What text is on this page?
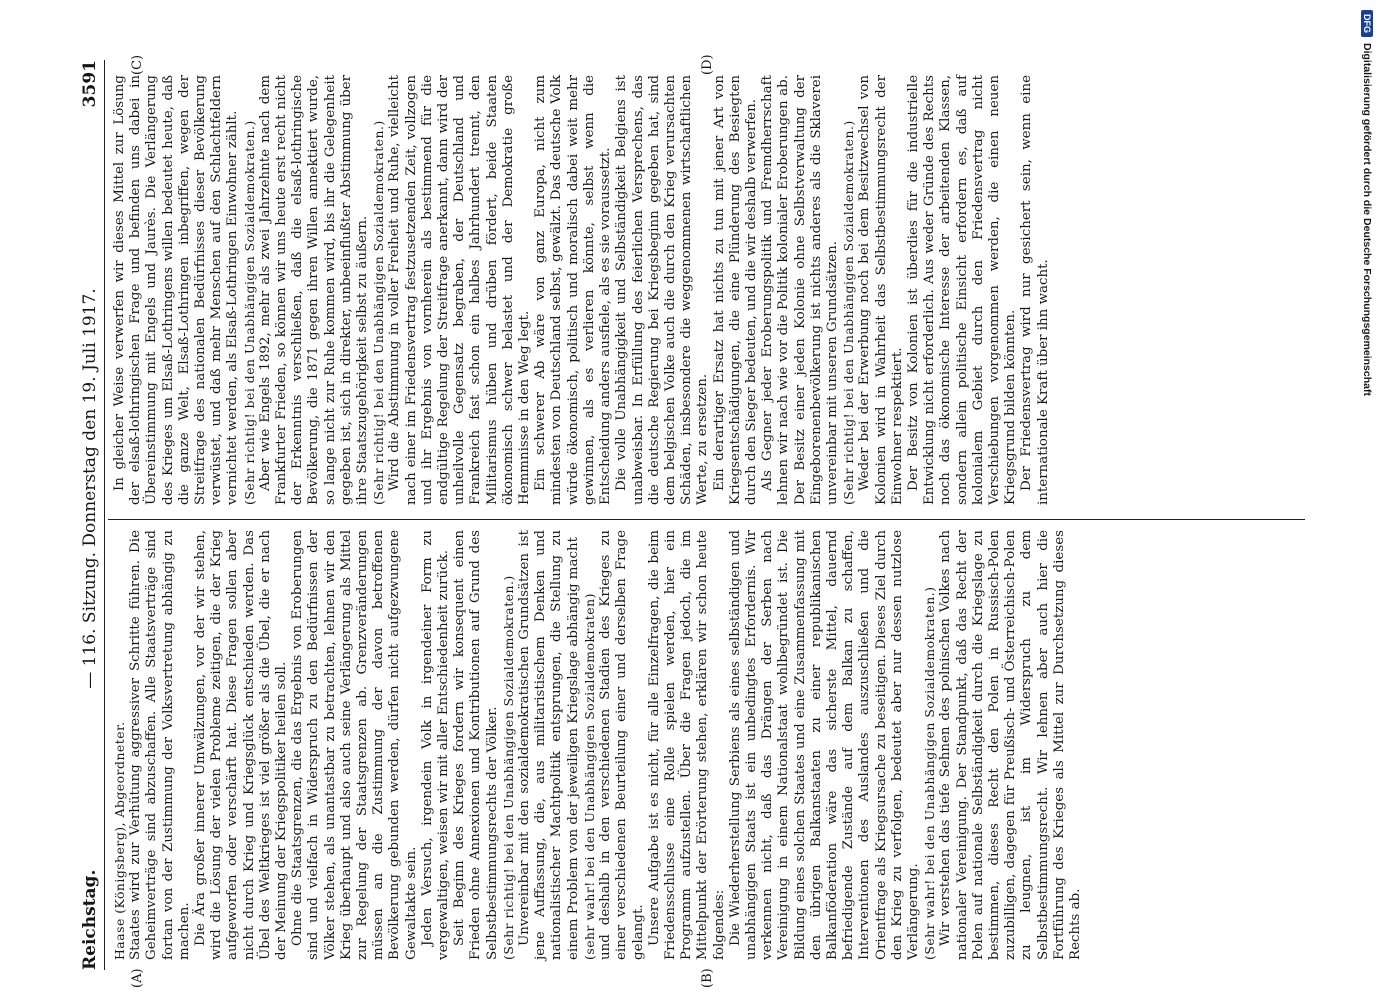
Reichstag.
— 116. Sitzung. Donnerstag den 19. Juli 1917.
3591
(A)	(B)
(C)	(D)

Haase (Königsberg), Abgeordneter. Staates wird zur Verhütung aggressiver Schritte führen. Die Geheimverträge sind abzuschaffen. Alle Staatsverträge sind fortan von der Zustimmung der Volksvertretung abhängig zu machen. Die Ära großer innerer Umwälzungen, vor der wir stehen, wird die Lösung der vielen Probleme zeitigen, die der Krieg aufgeworfen oder verschärft hat. Diese Fragen sollen aber nicht durch Krieg und Kriegsglück entschieden werden. Das Übel des Weltkrieges ist viel größer als die Übel, die er nach der Meinung der Kriegspolitiker heilen soll. Ohne die Staatsgrenzen, die das Ergebnis von Eroberungen sind und vielfach in Widerspruch zu den Bedürfnissen der Völker stehen, als unantastbar zu betrachten, lehnen wir den Krieg überhaupt und also auch seine Verlängerung als Mittel zur Regelung der Staatsgrenzen ab. Grenzveränderungen müssen an die Zustimmung der davon betroffenen Bevölkerung gebunden werden, dürfen nicht aufgezwungene Gewaltakte sein. Jeden Versuch, irgendein Volk in irgendeiner Form zu vergewaltigen, weisen wir mit aller Entschiedenheit zurück. Seit Beginn des Krieges fordern wir konsequent einen Frieden ohne Annexionen und Kontributionen auf Grund des Selbstbestimmungsrechts der Völker. (Sehr richtig! bei den Unabhängigen Sozialdemokraten.) Unvereinbar mit den sozialdemokratischen Grundsätzen ist jene Auffassung, die, aus militaristischem Denken und nationalistischer Machtpolitik entsprungen, die Stellung zu einem Problem von der jeweiligen Kriegslage abhängig macht (sehr wahr! bei den Unabhängigen Sozialdemokraten) und deshalb in den verschiedenen Stadien des Krieges zu einer verschiedenen Beurteilung einer und derselben Frage gelangt. Unsere Aufgabe ist es nicht, für alle Einzelfragen, die beim Friedensschlusse eine Rolle spielen werden, hier ein Programm aufzustellen. Über die Fragen jedoch, die im Mittelpunkt der Erörterung stehen, erklären wir schon heute folgendes: Die Wiederherstellung Serbiens als eines selbständigen und unabhängigen Staats ist ein unbedingtes Erfordernis. Wir verkennen nicht, daß das Drängen der Serben nach Vereinigung in einem Nationalstaat wohlbegründet ist. Die Bildung eines solchen Staates und eine Zusammenfassung mit den übrigen Balkanstaaten zu einer republikanischen Balkanföderation wäre das sicherste Mittel, dauernd befriedigende Zustände auf dem Balkan zu schaffen, Interventionen des Auslandes auszuschließen und die Orientfrage als Kriegsursache zu beseitigen. Dieses Ziel durch den Krieg zu verfolgen, bedeutet aber nur dessen nutzlose Verlängerung. (Sehr wahr! bei den Unabhängigen Sozialdemokraten.) Wir verstehen das tiefe Sehnen des polnischen Volkes nach nationaler Vereinigung. Der Standpunkt, daß das Recht der Polen auf nationale Selbständigkeit durch die Kriegslage zu bestimmen, dieses Recht den Polen in Russisch-Polen zuzubilligen, dagegen für Preußisch- und Österreichisch-Polen zu leugnen, ist im Widerspruch zu dem Selbstbestimmungsrecht. Wir lehnen aber auch hier die Fortführung des Krieges als Mittel zur Durchsetzung dieses Rechts ab.

In gleicher Weise verwerfen wir dieses Mittel zur Lösung der elsaß-lothringischen Frage und befinden uns dabei in Übereinstimmung mit Engels und Jaurès. Die Verlängerung des Krieges um Elsaß-Lothringens willen bedeutet heute, daß die ganze Welt, Elsaß-Lothringen inbegriffen, wegen der Streitfrage des nationalen Bedürfnisses dieser Bevölkerung verwüstet, und daß mehr Menschen auf den Schlachtfeldern vernichtet werden, als Elsaß-Lothringen Einwohner zählt. (Sehr richtig! bei den Unabhängigen Sozialdemokraten.) Aber wie Engels 1892, mehr als zwei Jahrzehnte nach dem Frankfurter Frieden, so können wir uns heute erst recht nicht der Erkenntnis verschließen, daß die elsaß-lothringische Bevölkerung, die 1871 gegen ihren Willen annektiert wurde, so lange nicht zur Ruhe kommen wird, bis ihr die Gelegenheit gegeben ist, sich in direkter, unbeeinflußter Abstimmung über ihre Staatszugehörigkeit selbst zu äußern. (Sehr richtig! bei den Unabhängigen Sozialdemokraten.) Wird die Abstimmung in voller Freiheit und Ruhe, vielleicht nach einer im Friedensvertrag festzusetzenden Zeit, vollzogen und ihr Ergebnis von vornherein als bestimmend für die endgültige Regelung der Streitfrage anerkannt, dann wird der unheilvolle Gegensatz begraben, der Deutschland und Frankreich fast schon ein halbes Jahrhundert trennt, den Militarismus hüben und drüben fördert, beide Staaten ökonomisch schwer belastet und der Demokratie große Hemmnisse in den Weg legt. Ein schwerer Ab wäre von ganz Europa, nicht zum mindesten von Deutschland selbst, gewälzt. Das deutsche Volk würde ökonomisch, politisch und moralisch dabei weit mehr gewinnen, als es verlieren könnte, selbst wenn die Entscheidung anders ausfiele, als es sie voraussetzt. Die volle Unabhängigkeit und Selbständigkeit Belgiens ist unabweisbar. In Erfüllung des feierlichen Versprechens, das die deutsche Regierung bei Kriegsbeginn gegeben hat, sind dem belgischen Volke auch die durch den Krieg verursachten Schäden, insbesondere die weggenommenen wirtschaftlichen Werte, zu ersetzen. Ein derartiger Ersatz hat nichts zu tun mit jener Art von Kriegsentschädigungen, die eine Plünderung des Besiegten durch den Sieger bedeuten, und die wir deshalb verwerfen. Als Gegner jeder Eroberungspolitik und Fremdherrschaft lehnen wir nach wie vor die Politik kolonialer Eroberungen ab. Der Besitz einer jeden Kolonie ohne Selbstverwaltung der Eingeborenenbevölkerung ist nichts anderes als die Sklaverei unvereinbar mit unseren Grundsätzen. (Sehr richtig! bei den Unabhängigen Sozialdemokraten.) Weder bei der Erwerbung noch bei dem Besitzwechsel von Kolonien wird in Wahrheit das Selbstbestimmungsrecht der Einwohner respektiert. Der Besitz von Kolonien ist überdies für die industrielle Entwicklung nicht erforderlich. Aus weder Gründe des Rechts noch das ökonomische Interesse der arbeitenden Klassen, sondern allein politische Einsicht erfordern es, daß auf kolonialem Gebiet durch den Friedensvertrag nicht Verschiebungen vorgenommen werden, die einen neuen Kriegsgrund bilden könnten. Der Friedensvertrag wird nur gesichert sein, wenn eine internationale Kraft über ihn wacht.

DFG
Digitalisierung gefördert durch die Deutsche Forschungsgemeinschaft
